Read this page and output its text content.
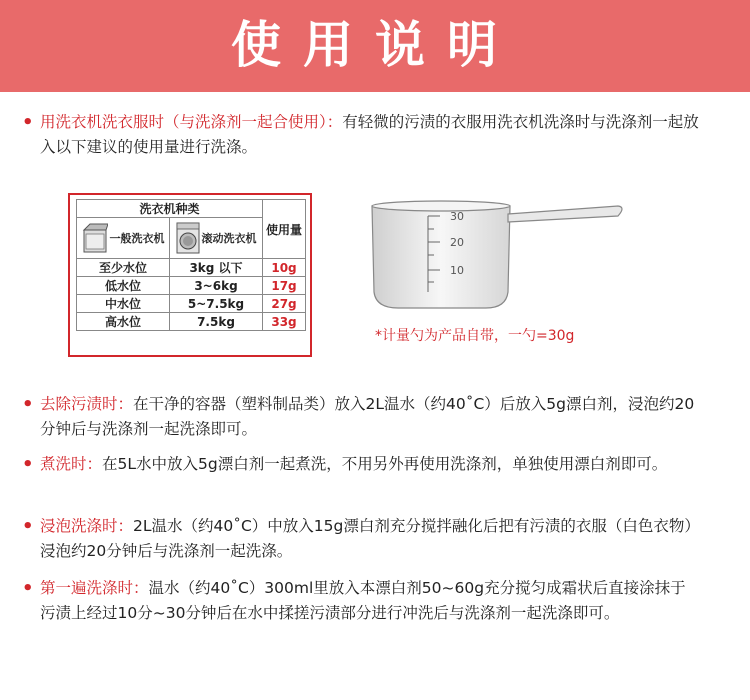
使用说明
• 用洗衣机洗衣服时（与洗涤剂一起合使用）：有轻微的污渍的衣服用洗衣机洗涤时与洗涤剂一起放入以下建议的使用量进行洗涤。
洗衣机种类		使用量

一般洗衣机	滚动洗衣机	

至少水位	3kg 以下	10g
低水位	3~6kg	17g
中水位	5~7.5kg	27g
高水位	7.5kg	33g
30
20
10
*计量勺为产品自带，一勺=30g
• 去除污渍时：在干净的容器（塑料制品类）放入2L温水（约40˚C）后放入5g漂白剂，浸泡约20分钟后与洗涤剂一起洗涤即可。
• 煮洗时：在5L水中放入5g漂白剂一起煮洗，不用另外再使用洗涤剂，单独使用漂白剂即可。
• 浸泡洗涤时：2L温水（约40˚C）中放入15g漂白剂充分搅拌融化后把有污渍的衣服（白色衣物）浸泡约20分钟后与洗涤剂一起洗涤。
• 第一遍洗涤时：温水（约40˚C）300ml里放入本漂白剂50~60g充分搅匀成霜状后直接涂抹于污渍上经过10分~30分钟后在水中揉搓污渍部分进行冲洗后与洗涤剂一起洗涤即可。
